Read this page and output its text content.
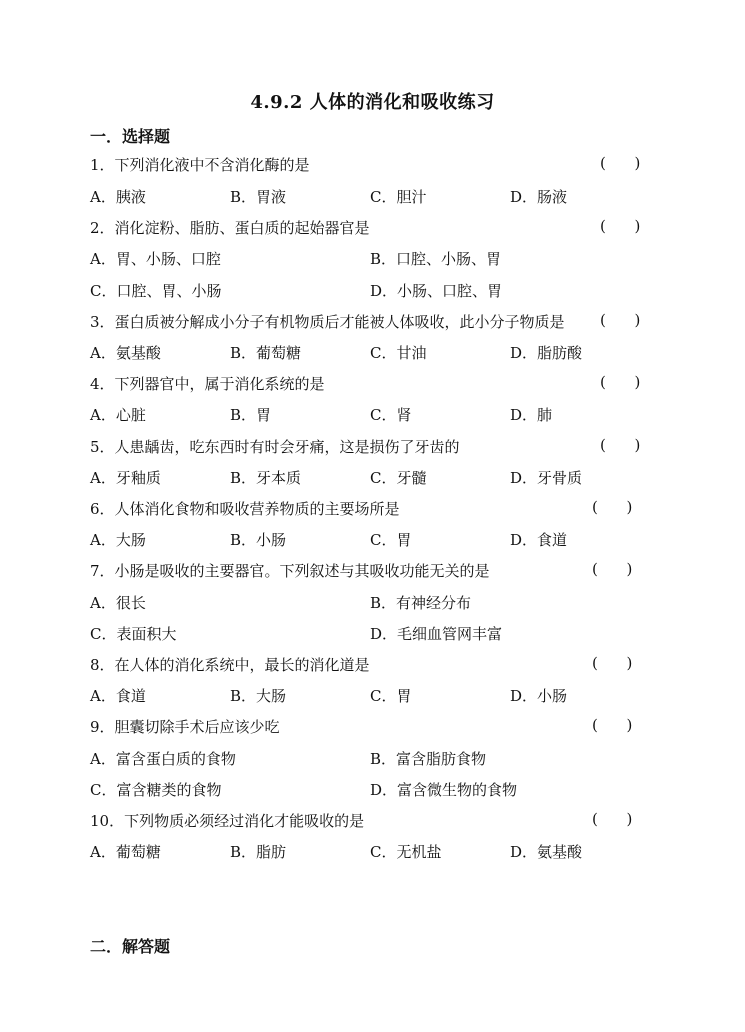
4.9.2 人体的消化和吸收练习
一．选择题
1．下列消化液中不含消化酶的是	(      )
A．胰液	B．胃液	C．胆汁	D．肠液
2．消化淀粉、脂肪、蛋白质的起始器官是	(      )
A．胃、小肠、口腔	B．口腔、小肠、胃
C．口腔、胃、小肠	D．小肠、口腔、胃
3．蛋白质被分解成小分子有机物质后才能被人体吸收，此小分子物质是 (      )
A．氨基酸	B．葡萄糖	C．甘油	D．脂肪酸
4．下列器官中，属于消化系统的是	(      )
A．心脏	B．胃	C．肾	D．肺
5．人患龋齿，吃东西时有时会牙痛，这是损伤了牙齿的	(      )
A．牙釉质	B．牙本质	C．牙髓	D．牙骨质
6．人体消化食物和吸收营养物质的主要场所是	(      )
A．大肠	B．小肠	C．胃	D．食道
7．小肠是吸收的主要器官。下列叙述与其吸收功能无关的是	(      )
A．很长	B．有神经分布
C．表面积大	D．毛细血管网丰富
8．在人体的消化系统中，最长的消化道是	(      )
A．食道	B．大肠	C．胃	D．小肠
9．胆囊切除手术后应该少吃	(      )
A．富含蛋白质的食物	B．富含脂肪食物
C．富含糖类的食物	D．富含微生物的食物
10．下列物质必须经过消化才能吸收的是	(      )
A．葡萄糖	B．脂肪	C．无机盐	D．氨基酸
二．解答题
